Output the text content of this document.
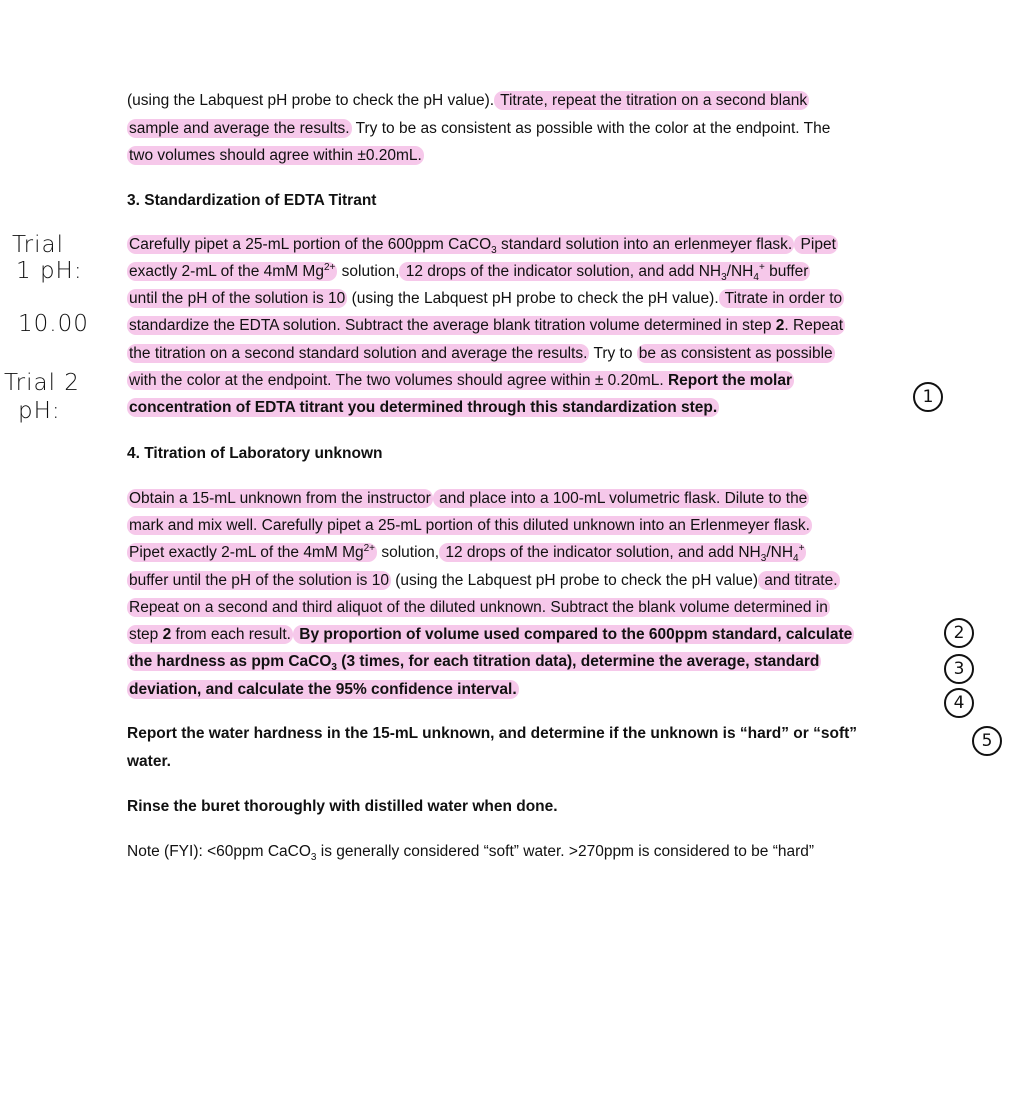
(using the Labquest pH probe to check the pH value). Titrate, repeat the titration on a second blank
sample and average the results. Try to be as consistent as possible with the color at the endpoint. The
two volumes should agree within ±0.20mL.
3. Standardization of EDTA Titrant
Carefully pipet a 25-mL portion of the 600ppm CaCO$_3$ standard solution into an erlenmeyer flask. Pipet
exactly 2-mL of the 4mM $Mg^{2+}$ solution, 12 drops of the indicator solution, and add $NH_3/NH_4^+$ buffer
until the pH of the solution is 10 (using the Labquest pH probe to check the pH value). Titrate in order to
standardize the EDTA solution. Subtract the average blank titration volume determined in step 2. Repeat
the titration on a second standard solution and average the results. Try to be as consistent as possible
with the color at the endpoint. The two volumes should agree within ± 0.20mL. Report the molar
concentration of EDTA titrant you determined through this standardization step.
4. Titration of Laboratory unknown
Obtain a 15-mL unknown from the instructor and place into a 100-mL volumetric flask. Dilute to the
mark and mix well. Carefully pipet a 25-mL portion of this diluted unknown into an Erlenmeyer flask.
Pipet exactly 2-mL of the 4mM $Mg^{2+}$ solution, 12 drops of the indicator solution, and add $NH_3/NH_4^+$
buffer until the pH of the solution is 10 (using the Labquest pH probe to check the pH value) and titrate.
Repeat on a second and third aliquot of the diluted unknown. Subtract the blank volume determined in
step 2 from each result. By proportion of volume used compared to the 600ppm standard, calculate
the hardness as ppm CaCO$_3$ (3 times, for each titration data), determine the average, standard
deviation, and calculate the 95% confidence interval.
Report the water hardness in the 15-mL unknown, and determine if the unknown is “hard” or “soft”
water.
Rinse the buret thoroughly with distilled water when done.
Note (FYI): <60ppm CaCO$_3$ is generally considered “soft” water. >270ppm is considered to be “hard”
Trial
1 pH:
10.00
Trial 2
pH:
1
2
3
4
5
